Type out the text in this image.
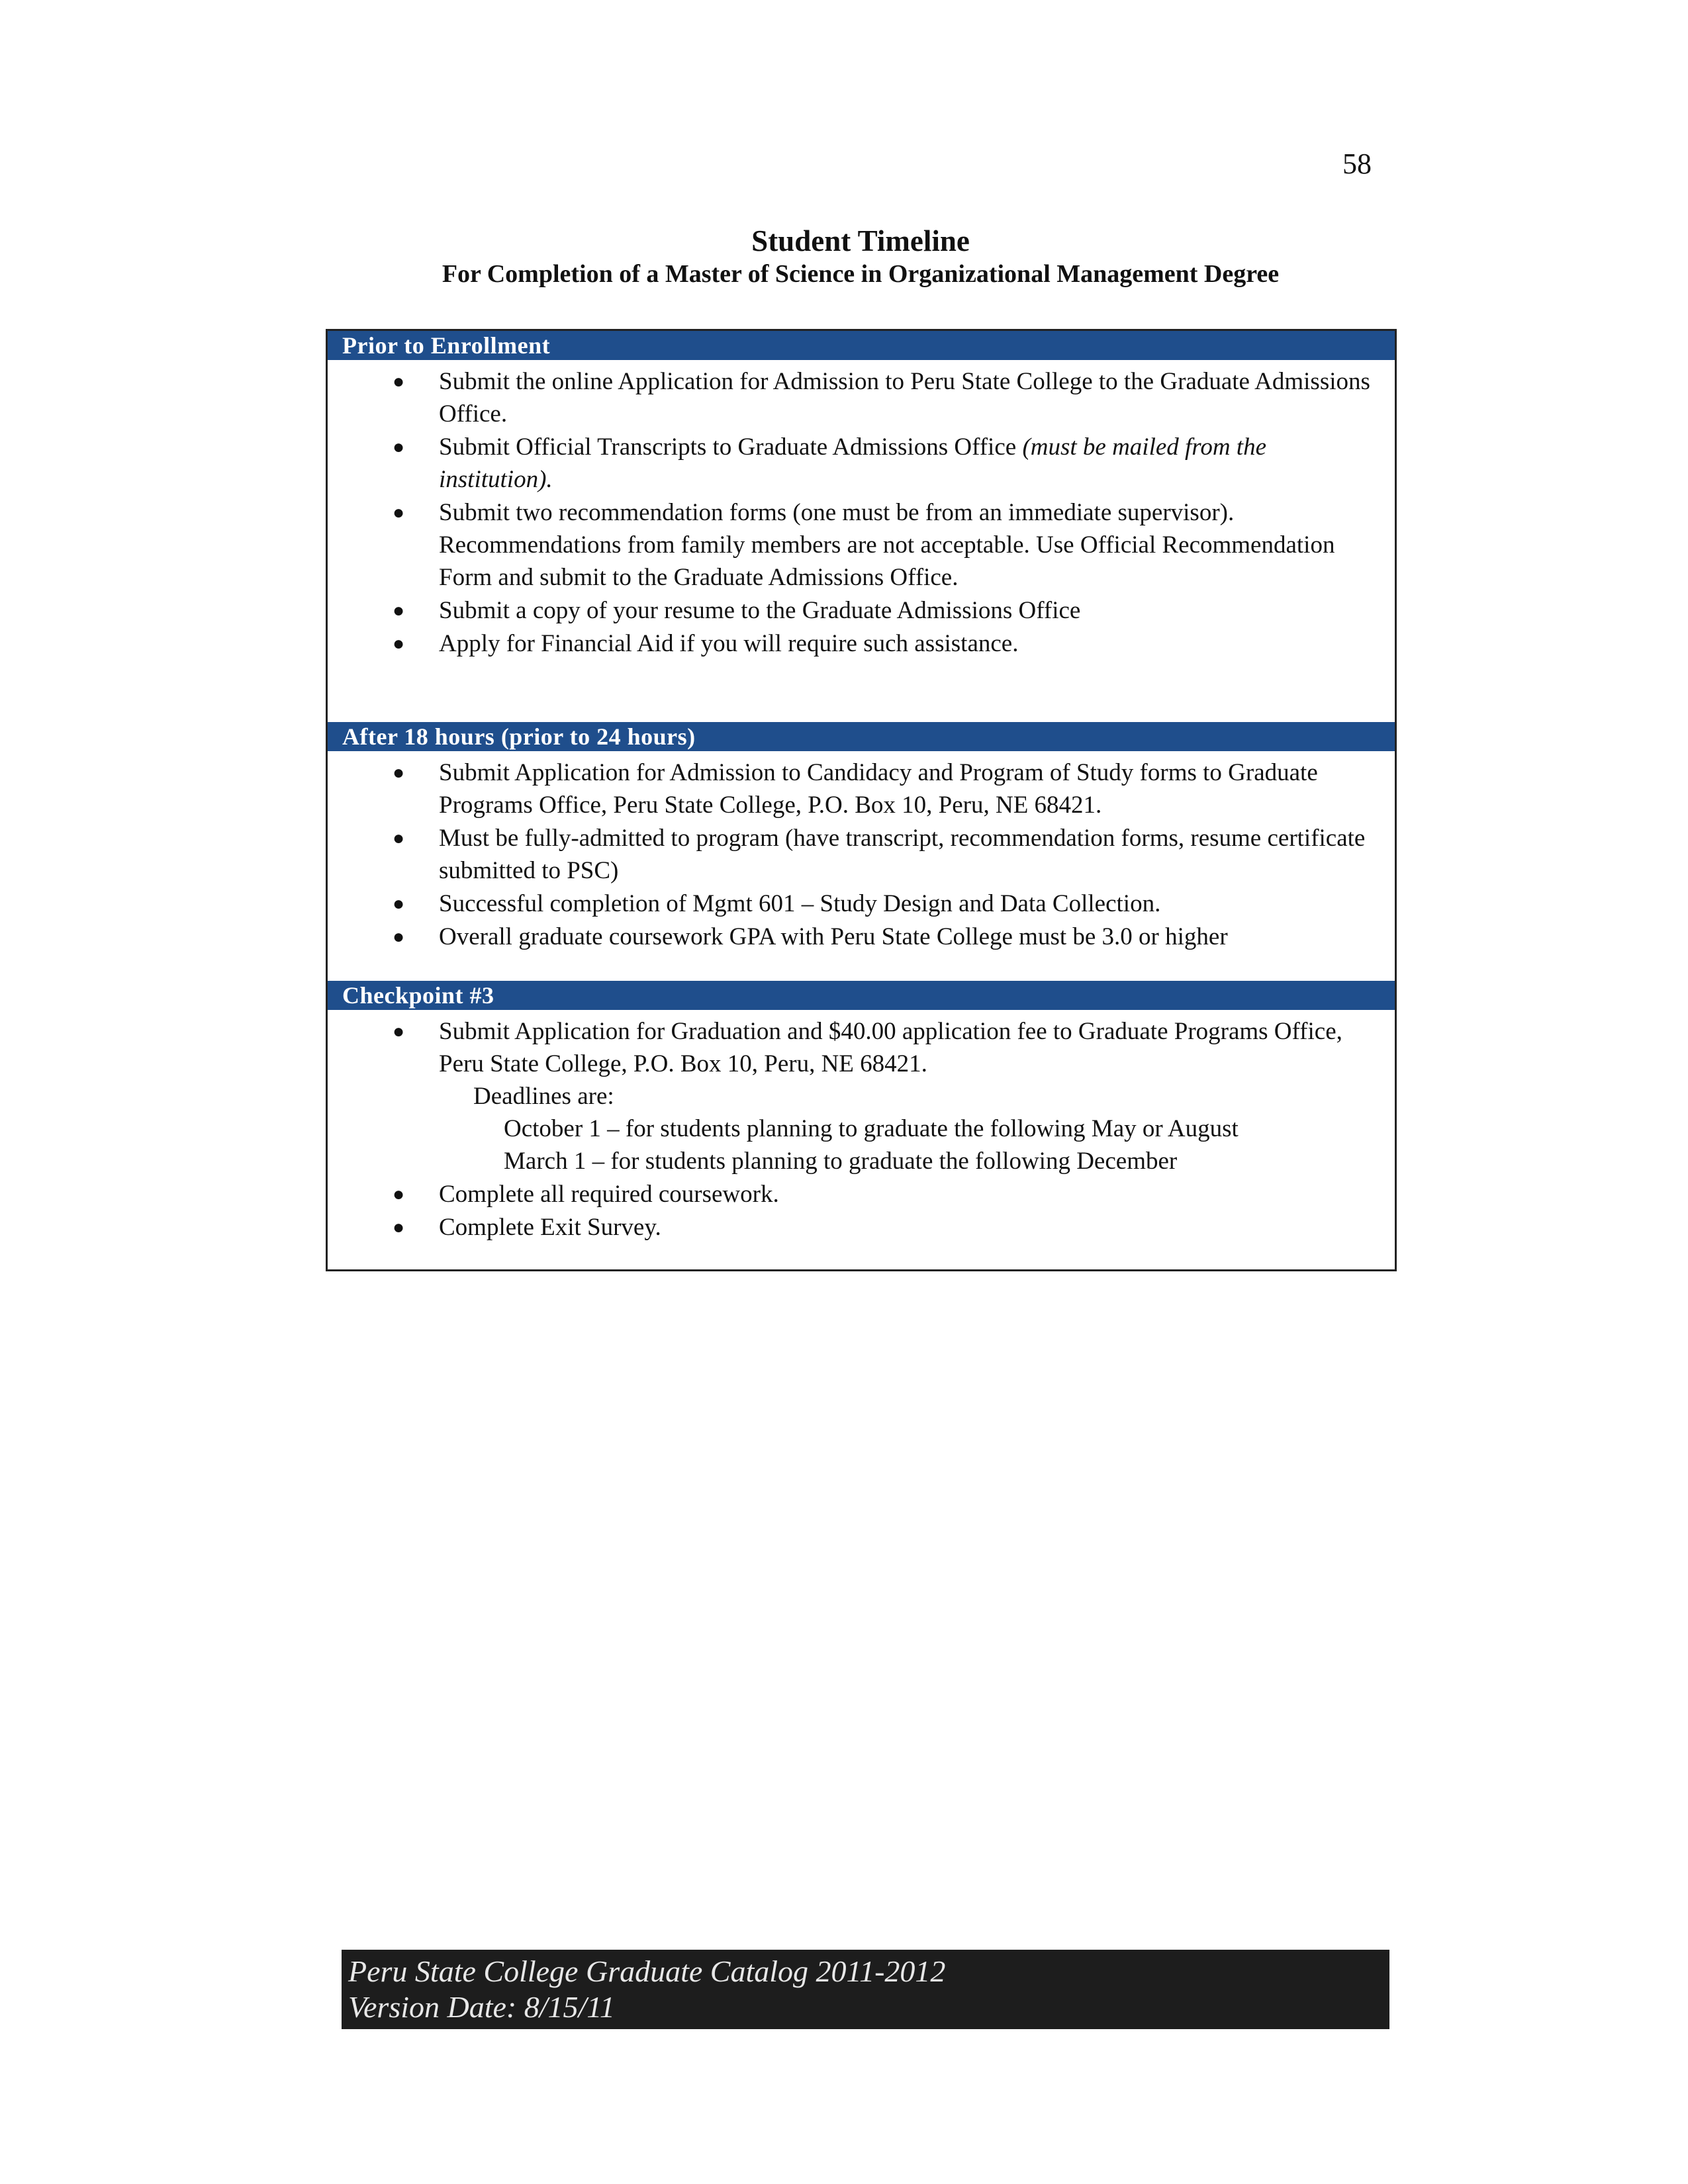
58
Student Timeline
For Completion of a Master of Science in Organizational Management Degree
Prior to Enrollment
● Submit the online Application for Admission to Peru State College to the Graduate Admissions Office.
● Submit Official Transcripts to Graduate Admissions Office (must be mailed from the institution).
● Submit two recommendation forms (one must be from an immediate supervisor). Recommendations from family members are not acceptable. Use Official Recommendation Form and submit to the Graduate Admissions Office.
● Submit a copy of your resume to the Graduate Admissions Office
● Apply for Financial Aid if you will require such assistance.
After 18 hours (prior to 24 hours)
● Submit Application for Admission to Candidacy and Program of Study forms to Graduate Programs Office, Peru State College, P.O. Box 10, Peru, NE 68421.
● Must be fully-admitted to program (have transcript, recommendation forms, resume certificate submitted to PSC)
● Successful completion of Mgmt 601 – Study Design and Data Collection.
● Overall graduate coursework GPA with Peru State College must be 3.0 or higher
Checkpoint #3
● Submit Application for Graduation and $40.00 application fee to Graduate Programs Office, Peru State College, P.O. Box 10, Peru, NE 68421.
Deadlines are:
October 1 – for students planning to graduate the following May or August
March 1 – for students planning to graduate the following December
● Complete all required coursework.
● Complete Exit Survey.
Peru State College Graduate Catalog 2011-2012
Version Date: 8/15/11
